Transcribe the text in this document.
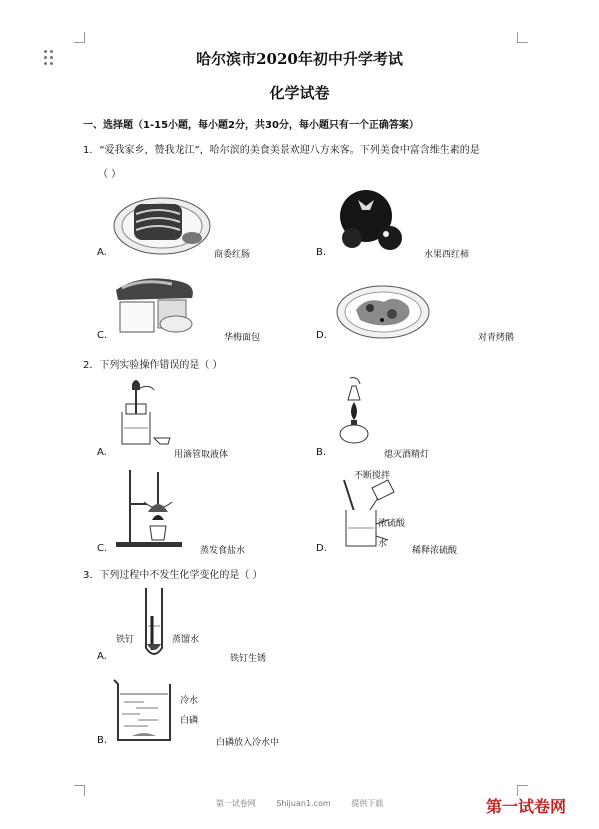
哈尔滨市2020年初中升学考试
化学试卷
一、选择题（1-15小题，每小题2分，共30分，每小题只有一个正确答案）
1．“爱我家乡，赞我龙江”，哈尔滨的美食美景欢迎八方来客。下列美食中富含维生素的是
（ ）
A.	商委红肠	B.	水果西红柿
C.	华梅面包	D.	对青烤鹅
2．下列实验操作错误的是（ ）
A.	用滴管取液体	B.	熄灭酒精灯
C.	蒸发食盐水
不断搅拌
浓硫酸
水
D.	稀释浓硫酸
3．下列过程中不发生化学变化的是（ ）
铁钉	蒸馏水
A.	铁钉生锈
冷水
白磷
B.	白磷放入冷水中
第一试卷网	Shijuan1.com	提供下载	第一试卷网
